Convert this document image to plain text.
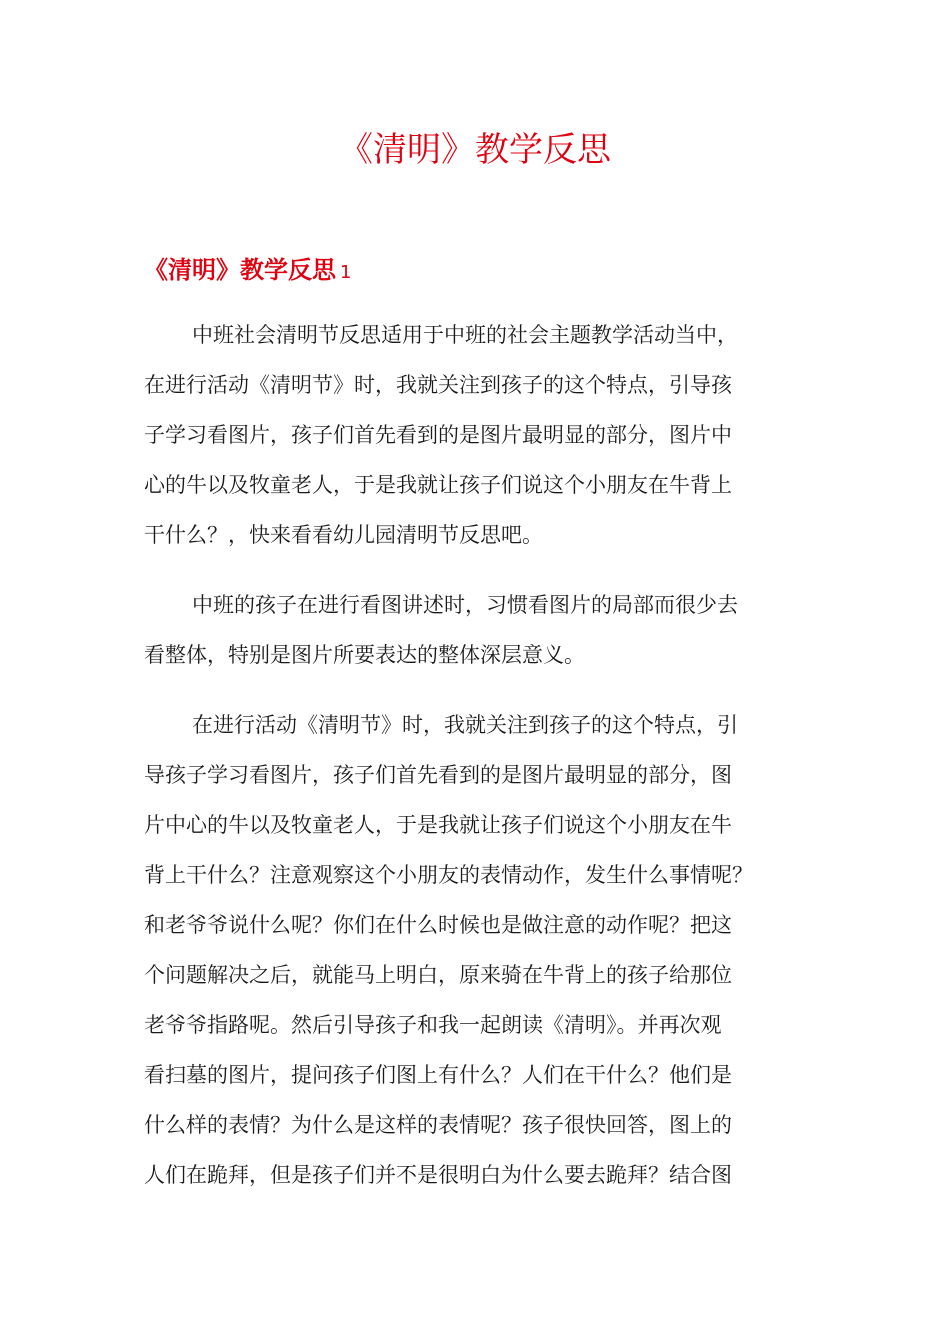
《清明》教学反思
《清明》教学反思 1
中班社会清明节反思适用于中班的社会主题教学活动当中，
在进行活动《清明节》时，我就关注到孩子的这个特点，引导孩
子学习看图片，孩子们首先看到的是图片最明显的部分，图片中
心的牛以及牧童老人，于是我就让孩子们说这个小朋友在牛背上
干什么？，快来看看幼儿园清明节反思吧。
中班的孩子在进行看图讲述时，习惯看图片的局部而很少去
看整体，特别是图片所要表达的整体深层意义。
在进行活动《清明节》时，我就关注到孩子的这个特点，引
导孩子学习看图片，孩子们首先看到的是图片最明显的部分，图
片中心的牛以及牧童老人，于是我就让孩子们说这个小朋友在牛
背上干什么？注意观察这个小朋友的表情动作，发生什么事情呢？
和老爷爷说什么呢？你们在什么时候也是做注意的动作呢？把这
个问题解决之后，就能马上明白，原来骑在牛背上的孩子给那位
老爷爷指路呢。然后引导孩子和我一起朗读《清明》。并再次观
看扫墓的图片，提问孩子们图上有什么？人们在干什么？他们是
什么样的表情？为什么是这样的表情呢？孩子很快回答，图上的
人们在跪拜，但是孩子们并不是很明白为什么要去跪拜？结合图
